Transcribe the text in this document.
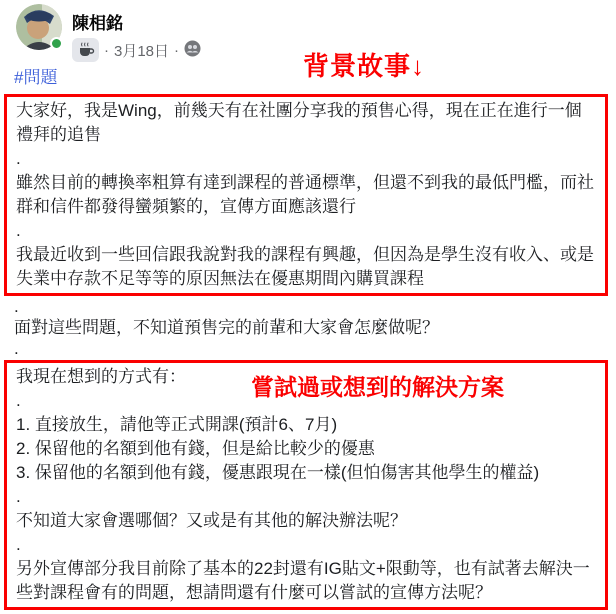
陳相銘
· 3月18日 ·
#問題	背景故事↓
大家好，我是Wing，前幾天有在社團分享我的預售心得，現在正在進行一個禮拜的追售
.
雖然目前的轉換率粗算有達到課程的普通標準，但還不到我的最低門檻，而社群和信件都發得蠻頻繁的，宣傳方面應該還行
.
我最近收到一些回信跟我說對我的課程有興趣，但因為是學生沒有收入、或是失業中存款不足等等的原因無法在優惠期間內購買課程
.
面對這些問題，不知道預售完的前輩和大家會怎麼做呢？
.
嘗試過或想到的解決方案
我現在想到的方式有：
.
1. 直接放生，請他等正式開課(預計6、7月)
2. 保留他的名額到他有錢，但是給比較少的優惠
3. 保留他的名額到他有錢，優惠跟現在一樣(但怕傷害其他學生的權益)
.
不知道大家會選哪個？又或是有其他的解決辦法呢？
.
另外宣傳部分我目前除了基本的22封還有IG貼文+限動等，也有試著去解決一些對課程會有的問題，想請問還有什麼可以嘗試的宣傳方法呢？
